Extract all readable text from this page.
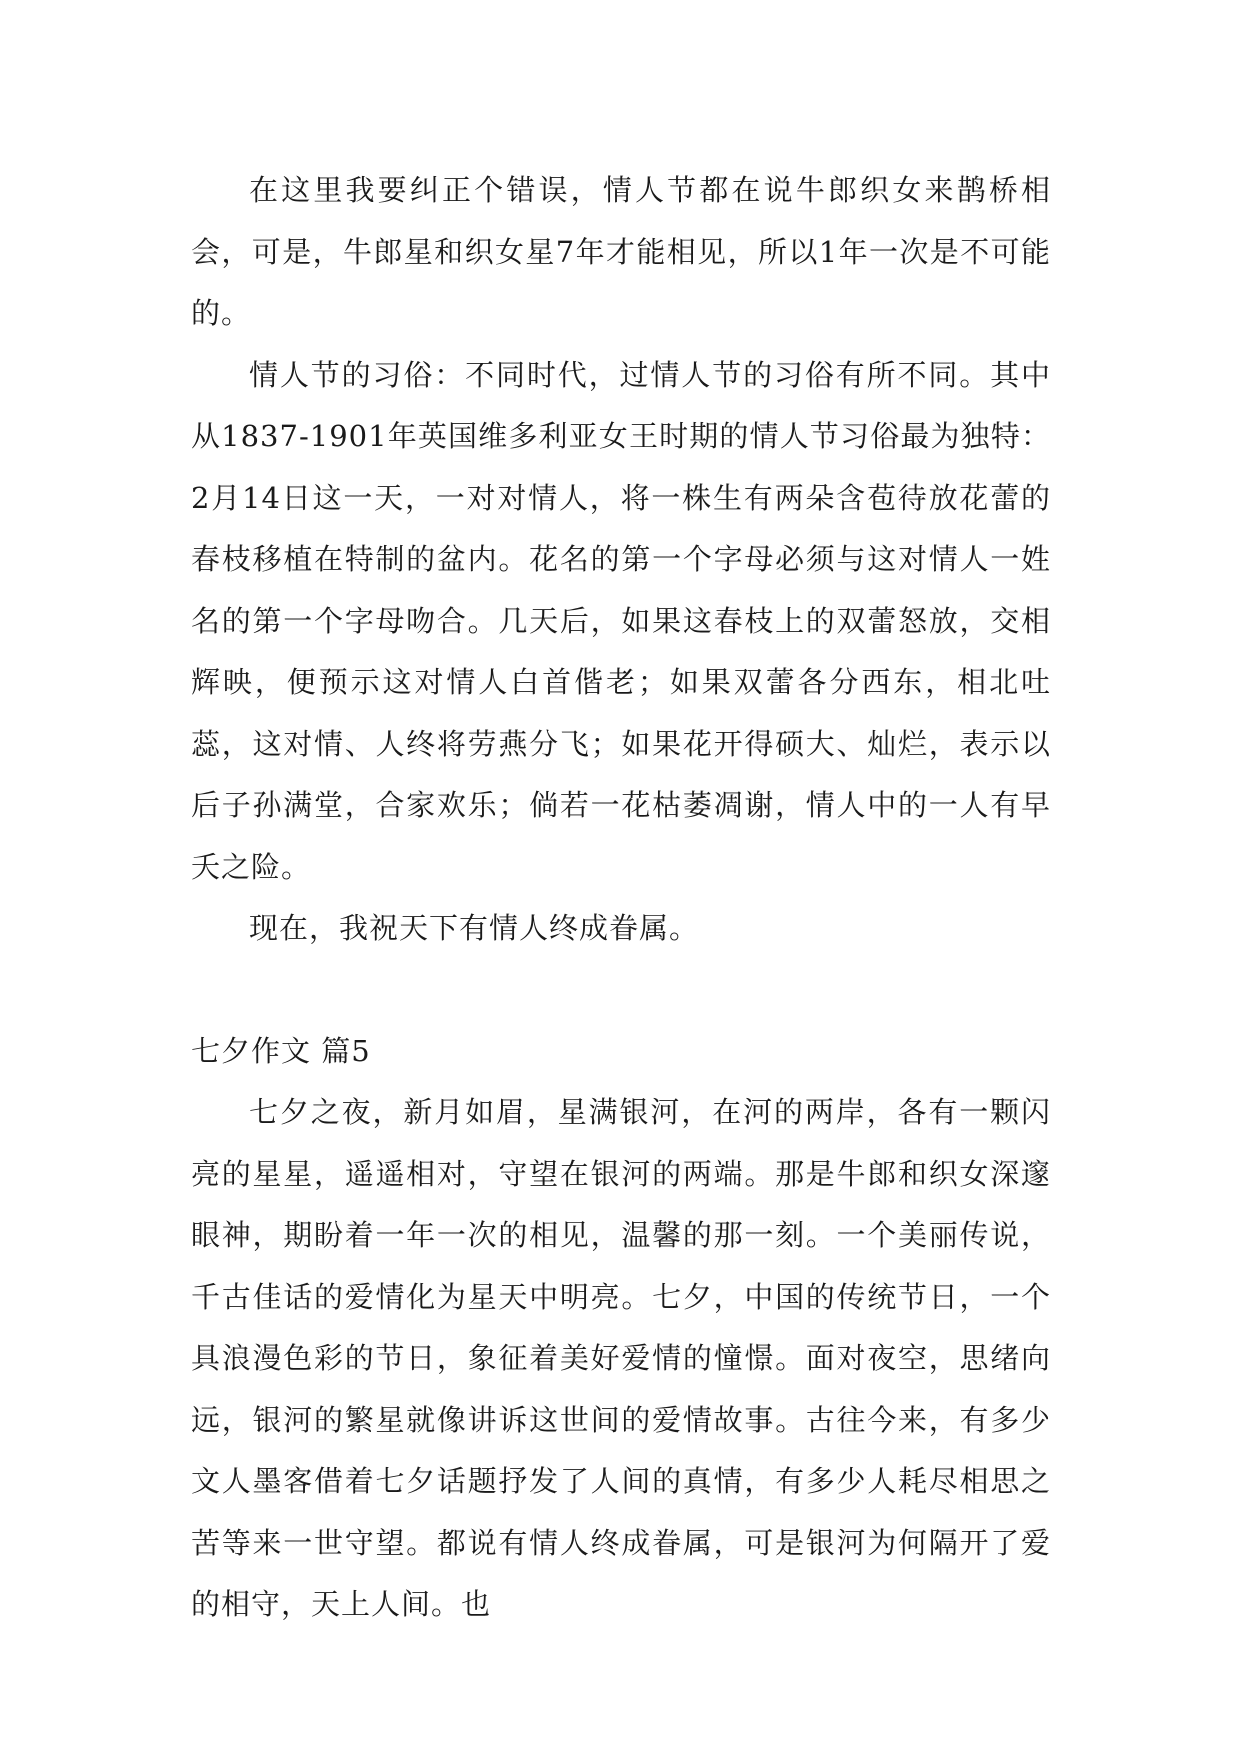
在这里我要纠正个错误，情人节都在说牛郎织女来鹊桥相会，可是，牛郎星和织女星7年才能相见，所以1年一次是不可能的。

情人节的习俗：不同时代，过情人节的习俗有所不同。其中从1837-1901年英国维多利亚女王时期的情人节习俗最为独特：2月14日这一天，一对对情人，将一株生有两朵含苞待放花蕾的春枝移植在特制的盆内。花名的第一个字母必须与这对情人一姓名的第一个字母吻合。几天后，如果这春枝上的双蕾怒放，交相辉映，便预示这对情人白首偕老；如果双蕾各分西东，相北吐蕊，这对情、人终将劳燕分飞；如果花开得硕大、灿烂，表示以后子孙满堂，合家欢乐；倘若一花枯萎凋谢，情人中的一人有早夭之险。

现在，我祝天下有情人终成眷属。

七夕作文 篇5

七夕之夜，新月如眉，星满银河，在河的两岸，各有一颗闪亮的星星，遥遥相对，守望在银河的两端。那是牛郎和织女深邃眼神，期盼着一年一次的相见，温馨的那一刻。一个美丽传说，千古佳话的爱情化为星天中明亮。七夕，中国的传统节日，一个具浪漫色彩的节日，象征着美好爱情的憧憬。面对夜空，思绪向远，银河的繁星就像讲诉这世间的爱情故事。古往今来，有多少文人墨客借着七夕话题抒发了人间的真情，有多少人耗尽相思之苦等来一世守望。都说有情人终成眷属，可是银河为何隔开了爱的相守，天上人间。也
